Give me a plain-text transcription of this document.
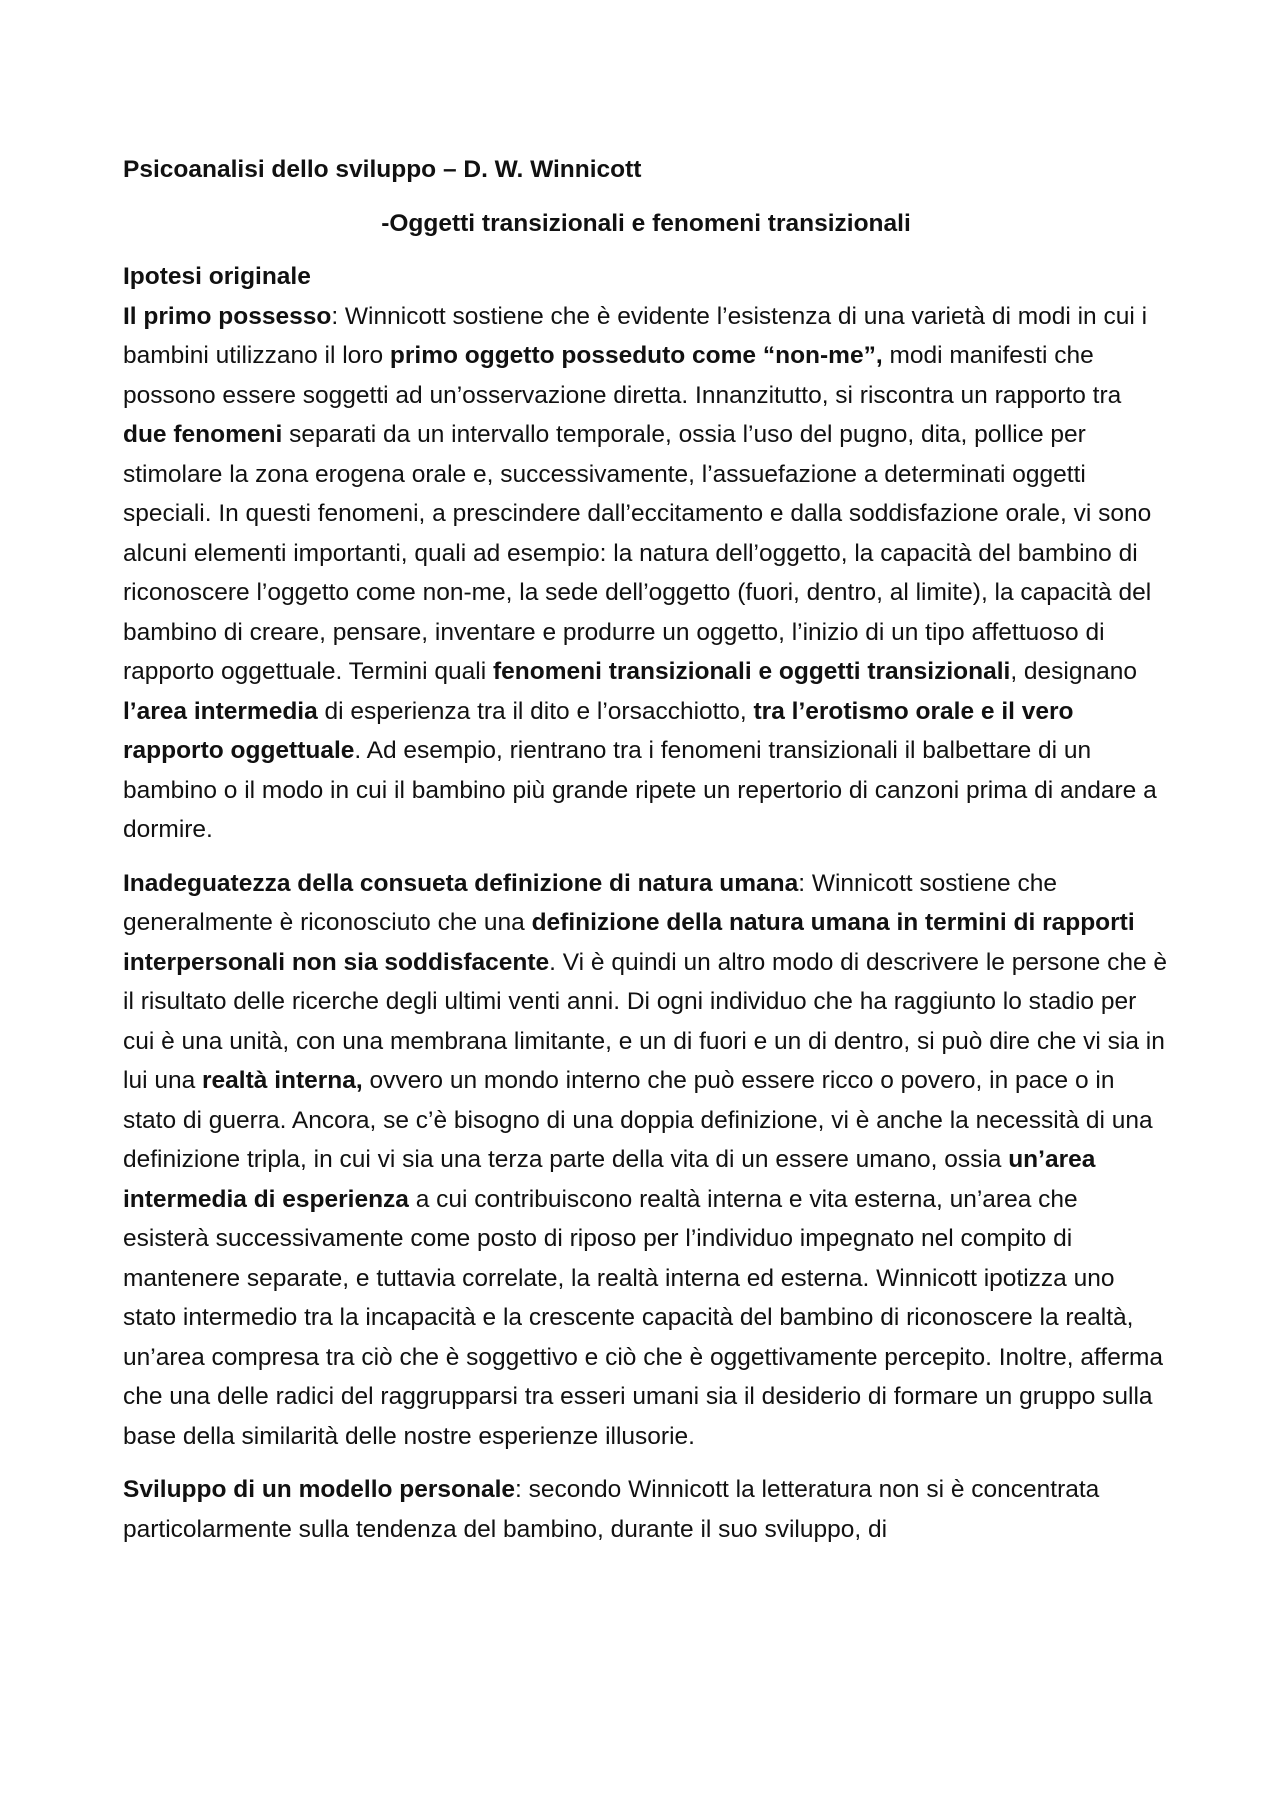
Psicoanalisi dello sviluppo – D. W. Winnicott

-Oggetti transizionali e fenomeni transizionali

Ipotesi originale

Il primo possesso: Winnicott sostiene che è evidente l’esistenza di una varietà di modi in cui i bambini utilizzano il loro primo oggetto posseduto come “non-me”, modi manifesti che possono essere soggetti ad un’osservazione diretta. Innanzitutto, si riscontra un rapporto tra due fenomeni separati da un intervallo temporale, ossia l’uso del pugno, dita, pollice per stimolare la zona erogena orale e, successivamente, l’assuefazione a determinati oggetti speciali. In questi fenomeni, a prescindere dall’eccitamento e dalla soddisfazione orale, vi sono alcuni elementi importanti, quali ad esempio: la natura dell’oggetto, la capacità del bambino di riconoscere l’oggetto come non-me, la sede dell’oggetto (fuori, dentro, al limite), la capacità del bambino di creare, pensare, inventare e produrre un oggetto, l’inizio di un tipo affettuoso di rapporto oggettuale. Termini quali fenomeni transizionali e oggetti transizionali, designano l’area intermedia di esperienza tra il dito e l’orsacchiotto, tra l’erotismo orale e il vero rapporto oggettuale. Ad esempio, rientrano tra i fenomeni transizionali il balbettare di un bambino o il modo in cui il bambino più grande ripete un repertorio di canzoni prima di andare a dormire.

Inadeguatezza della consueta definizione di natura umana: Winnicott sostiene che generalmente è riconosciuto che una definizione della natura umana in termini di rapporti interpersonali non sia soddisfacente. Vi è quindi un altro modo di descrivere le persone che è il risultato delle ricerche degli ultimi venti anni. Di ogni individuo che ha raggiunto lo stadio per cui è una unità, con una membrana limitante, e un di fuori e un di dentro, si può dire che vi sia in lui una realtà interna, ovvero un mondo interno che può essere ricco o povero, in pace o in stato di guerra. Ancora, se c’è bisogno di una doppia definizione, vi è anche la necessità di una definizione tripla, in cui vi sia una terza parte della vita di un essere umano, ossia un’area intermedia di esperienza a cui contribuiscono realtà interna e vita esterna, un’area che esisterà successivamente come posto di riposo per l’individuo impegnato nel compito di mantenere separate, e tuttavia correlate, la realtà interna ed esterna. Winnicott ipotizza uno stato intermedio tra la incapacità e la crescente capacità del bambino di riconoscere la realtà, un’area compresa tra ciò che è soggettivo e ciò che è oggettivamente percepito. Inoltre, afferma che una delle radici del raggrupparsi tra esseri umani sia il desiderio di formare un gruppo sulla base della similarità delle nostre esperienze illusorie.

Sviluppo di un modello personale: secondo Winnicott la letteratura non si è concentrata particolarmente sulla tendenza del bambino, durante il suo sviluppo, di
